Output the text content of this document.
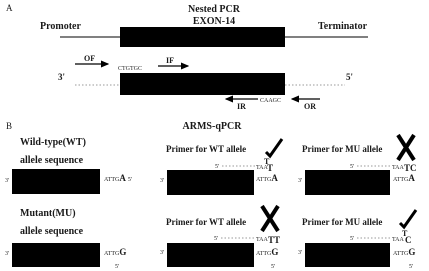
A	Nested PCR
EXON-14
Promoter	Terminator
OF
CTGTGC
IF
3'	5'
IR
CAAGC
OR
B	ARMS-qPCR
Wild-type(WT)
allele sequence
3'	ATTGA 5'
Primer for WT allele
5'	TAA T
T
3'	ATTGA
Primer for MU allele
5'	TAA TC
3'	ATTGA
Mutant(MU)
allele sequence
3'	ATTGG
5'
Primer for WT allele
5'	TAA TT
3'	ATTGG
5'
Primer for MU allele
5'	TAA
T
C
3'	ATTGG
5'
